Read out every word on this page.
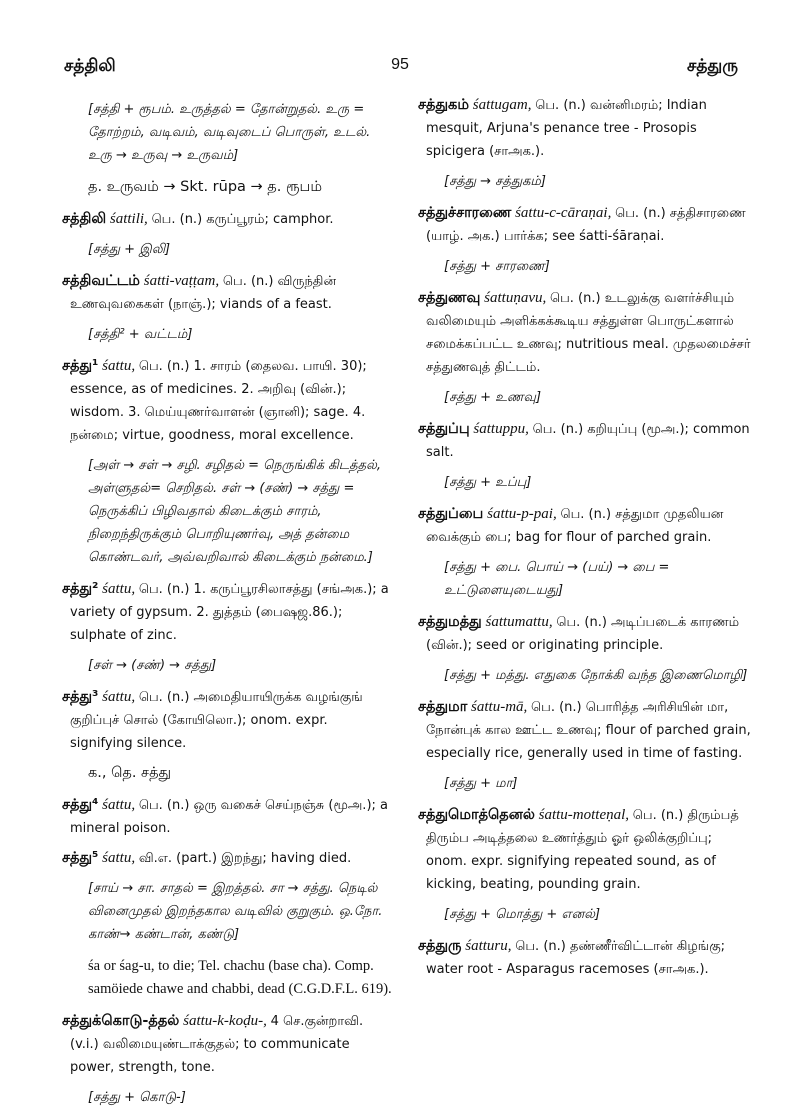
சத்திலி	95	சத்துரு
[சத்தி + ரூபம். உருத்தல் = தோன்றுதல். உரு = தோற்றம், வடிவம், வடிவுடைப் பொருள், உடல். உரு → உருவு → உருவம்]
த. உருவம் → Skt. rūpa → த. ரூபம்
சத்திலி śattili, பெ. (n.) கருப்பூரம்; camphor.
[சத்து + இலி]
சத்திவட்டம் śatti-vaṭṭam, பெ. (n.) விருந்தின் உணவுவகைகள் (நாஞ்.); viands of a feast.
[சத்தி² + வட்டம்]
சத்து¹ śattu, பெ. (n.) 1. சாரம் (தைலவ. பாயி. 30); essence, as of medicines. 2. அறிவு (வின்.); wisdom. 3. மெய்யுணர்வாளன் (ஞானி); sage. 4. நன்மை; virtue, goodness, moral excellence.
[அள் → சள் → சழி. சழிதல் = நெருங்கிக் கிடத்தல், அள்ளுதல்= செறிதல். சள் → (சண்) → சத்து = நெருக்கிப் பிழிவதால் கிடைக்கும் சாரம், நிறைந்திருக்கும் பொறியுணர்வு, அத் தன்மை கொண்டவர், அவ்வறிவால் கிடைக்கும் நன்மை.]
சத்து² śattu, பெ. (n.) 1. கருப்பூரசிலாசத்து (சங்அக.); a variety of gypsum. 2. துத்தம் (பைஷஜ.86.); sulphate of zinc.
[சள் → (சண்) → சத்து]
சத்து³ śattu, பெ. (n.) அமைதியாயிருக்க வழங்குங் குறிப்புச் சொல் (கோயிலொ.); onom. expr. signifying silence.
க., தெ. சத்து
சத்து⁴ śattu, பெ. (n.) ஒரு வகைச் செய்நஞ்சு (மூஅ.); a mineral poison.
சத்து⁵ śattu, வி.எ. (part.) இறந்து; having died.
[சாய் → சா. சாதல் = இறத்தல். சா → சத்து. நெடில் வினைமுதல் இறந்தகால வடிவில் குறுகும். ஒ.நோ. காண்→ கண்டான், கண்டு]
śa or śag-u, to die; Tel. chachu (base cha). Comp. samöiede chawe and chabbi, dead (C.G.D.F.L. 619).
சத்துக்கொடு-த்தல் śattu-k-koḍu-, 4 செ.குன்றாவி. (v.i.) வலிமையுண்டாக்குதல்; to communicate power, strength, tone.
[சத்து + கொடு-]
சத்துகம் śattugam, பெ. (n.) வன்னிமரம்; Indian mesquit, Arjuna's penance tree - Prosopis spicigera (சாஅக.).
[சத்து → சத்துகம்]
சத்துச்சாரணை śattu-c-cāraṇai, பெ. (n.) சத்திசாரணை (யாழ். அக.) பார்க்க; see śatti-śāraṇai.
[சத்து + சாரணை]
சத்துணவு śattuṇavu, பெ. (n.) உடலுக்கு வளர்ச்சியும் வலிமையும் அளிக்கக்கூடிய சத்துள்ள பொருட்களால் சமைக்கப்பட்ட உணவு; nutritious meal. முதலமைச்சர் சத்துணவுத் திட்டம்.
[சத்து + உணவு]
சத்துப்பு śattuppu, பெ. (n.) கறியுப்பு (மூஅ.); common salt.
[சத்து + உப்பு]
சத்துப்பை śattu-p-pai, பெ. (n.) சத்துமா முதலியன வைக்கும் பை; bag for flour of parched grain.
[சத்து + பை. பொய் → (பய்) → பை = உட்டுளையுடையது]
சத்துமத்து śattumattu, பெ. (n.) அடிப்படைக் காரணம் (வின்.); seed or originating principle.
[சத்து + மத்து. எதுகை நோக்கி வந்த இணைமொழி]
சத்துமா śattu-mā, பெ. (n.) பொரித்த அரிசியின் மா, நோன்புக் கால ஊட்ட உணவு; flour of parched grain, especially rice, generally used in time of fasting.
[சத்து + மா]
சத்துமொத்தெனல் śattu-motteṇal, பெ. (n.) திரும்பத் திரும்ப அடித்தலை உணர்த்தும் ஓர் ஒலிக்குறிப்பு; onom. expr. signifying repeated sound, as of kicking, beating, pounding grain.
[சத்து + மொத்து + எனல்]
சத்துரு śatturu, பெ. (n.) தண்ணீர்விட்டான் கிழங்கு; water root - Asparagus racemoses (சாஅக.).
